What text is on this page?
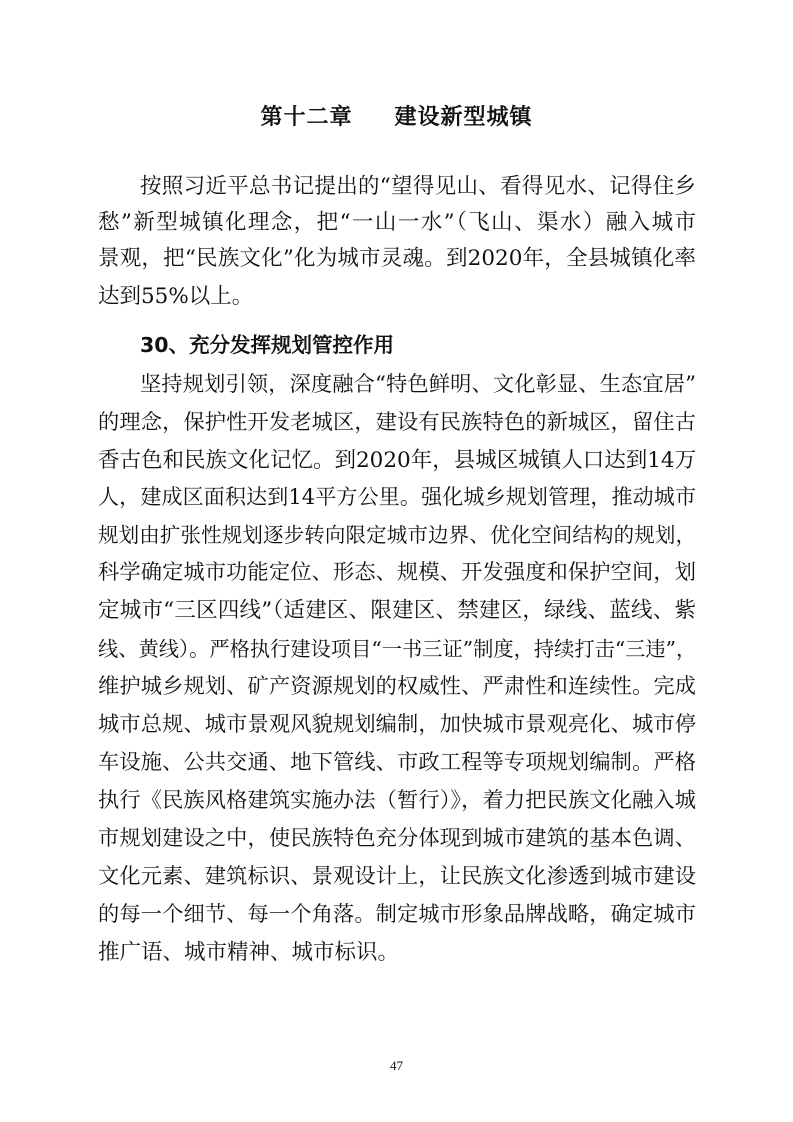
第十二章 建设新型城镇
按照习近平总书记提出的“望得见山、看得见水、记得住乡
愁”新型城镇化理念，把“一山一水”（飞山、渠水）融入城市
景观，把“民族文化”化为城市灵魂。到2020年，全县城镇化率
达到55%以上。
30、充分发挥规划管控作用
坚持规划引领，深度融合“特色鲜明、文化彰显、生态宜居”
的理念，保护性开发老城区，建设有民族特色的新城区，留住古
香古色和民族文化记忆。到2020年，县城区城镇人口达到14万
人，建成区面积达到14平方公里。强化城乡规划管理，推动城市
规划由扩张性规划逐步转向限定城市边界、优化空间结构的规划，
科学确定城市功能定位、形态、规模、开发强度和保护空间，划
定城市“三区四线”（适建区、限建区、禁建区，绿线、蓝线、紫
线、黄线）。严格执行建设项目“一书三证”制度，持续打击“三违”，
维护城乡规划、矿产资源规划的权威性、严肃性和连续性。完成
城市总规、城市景观风貌规划编制，加快城市景观亮化、城市停
车设施、公共交通、地下管线、市政工程等专项规划编制。严格
执行《民族风格建筑实施办法（暂行）》，着力把民族文化融入城
市规划建设之中，使民族特色充分体现到城市建筑的基本色调、
文化元素、建筑标识、景观设计上，让民族文化渗透到城市建设
的每一个细节、每一个角落。制定城市形象品牌战略，确定城市
推广语、城市精神、城市标识。
47
